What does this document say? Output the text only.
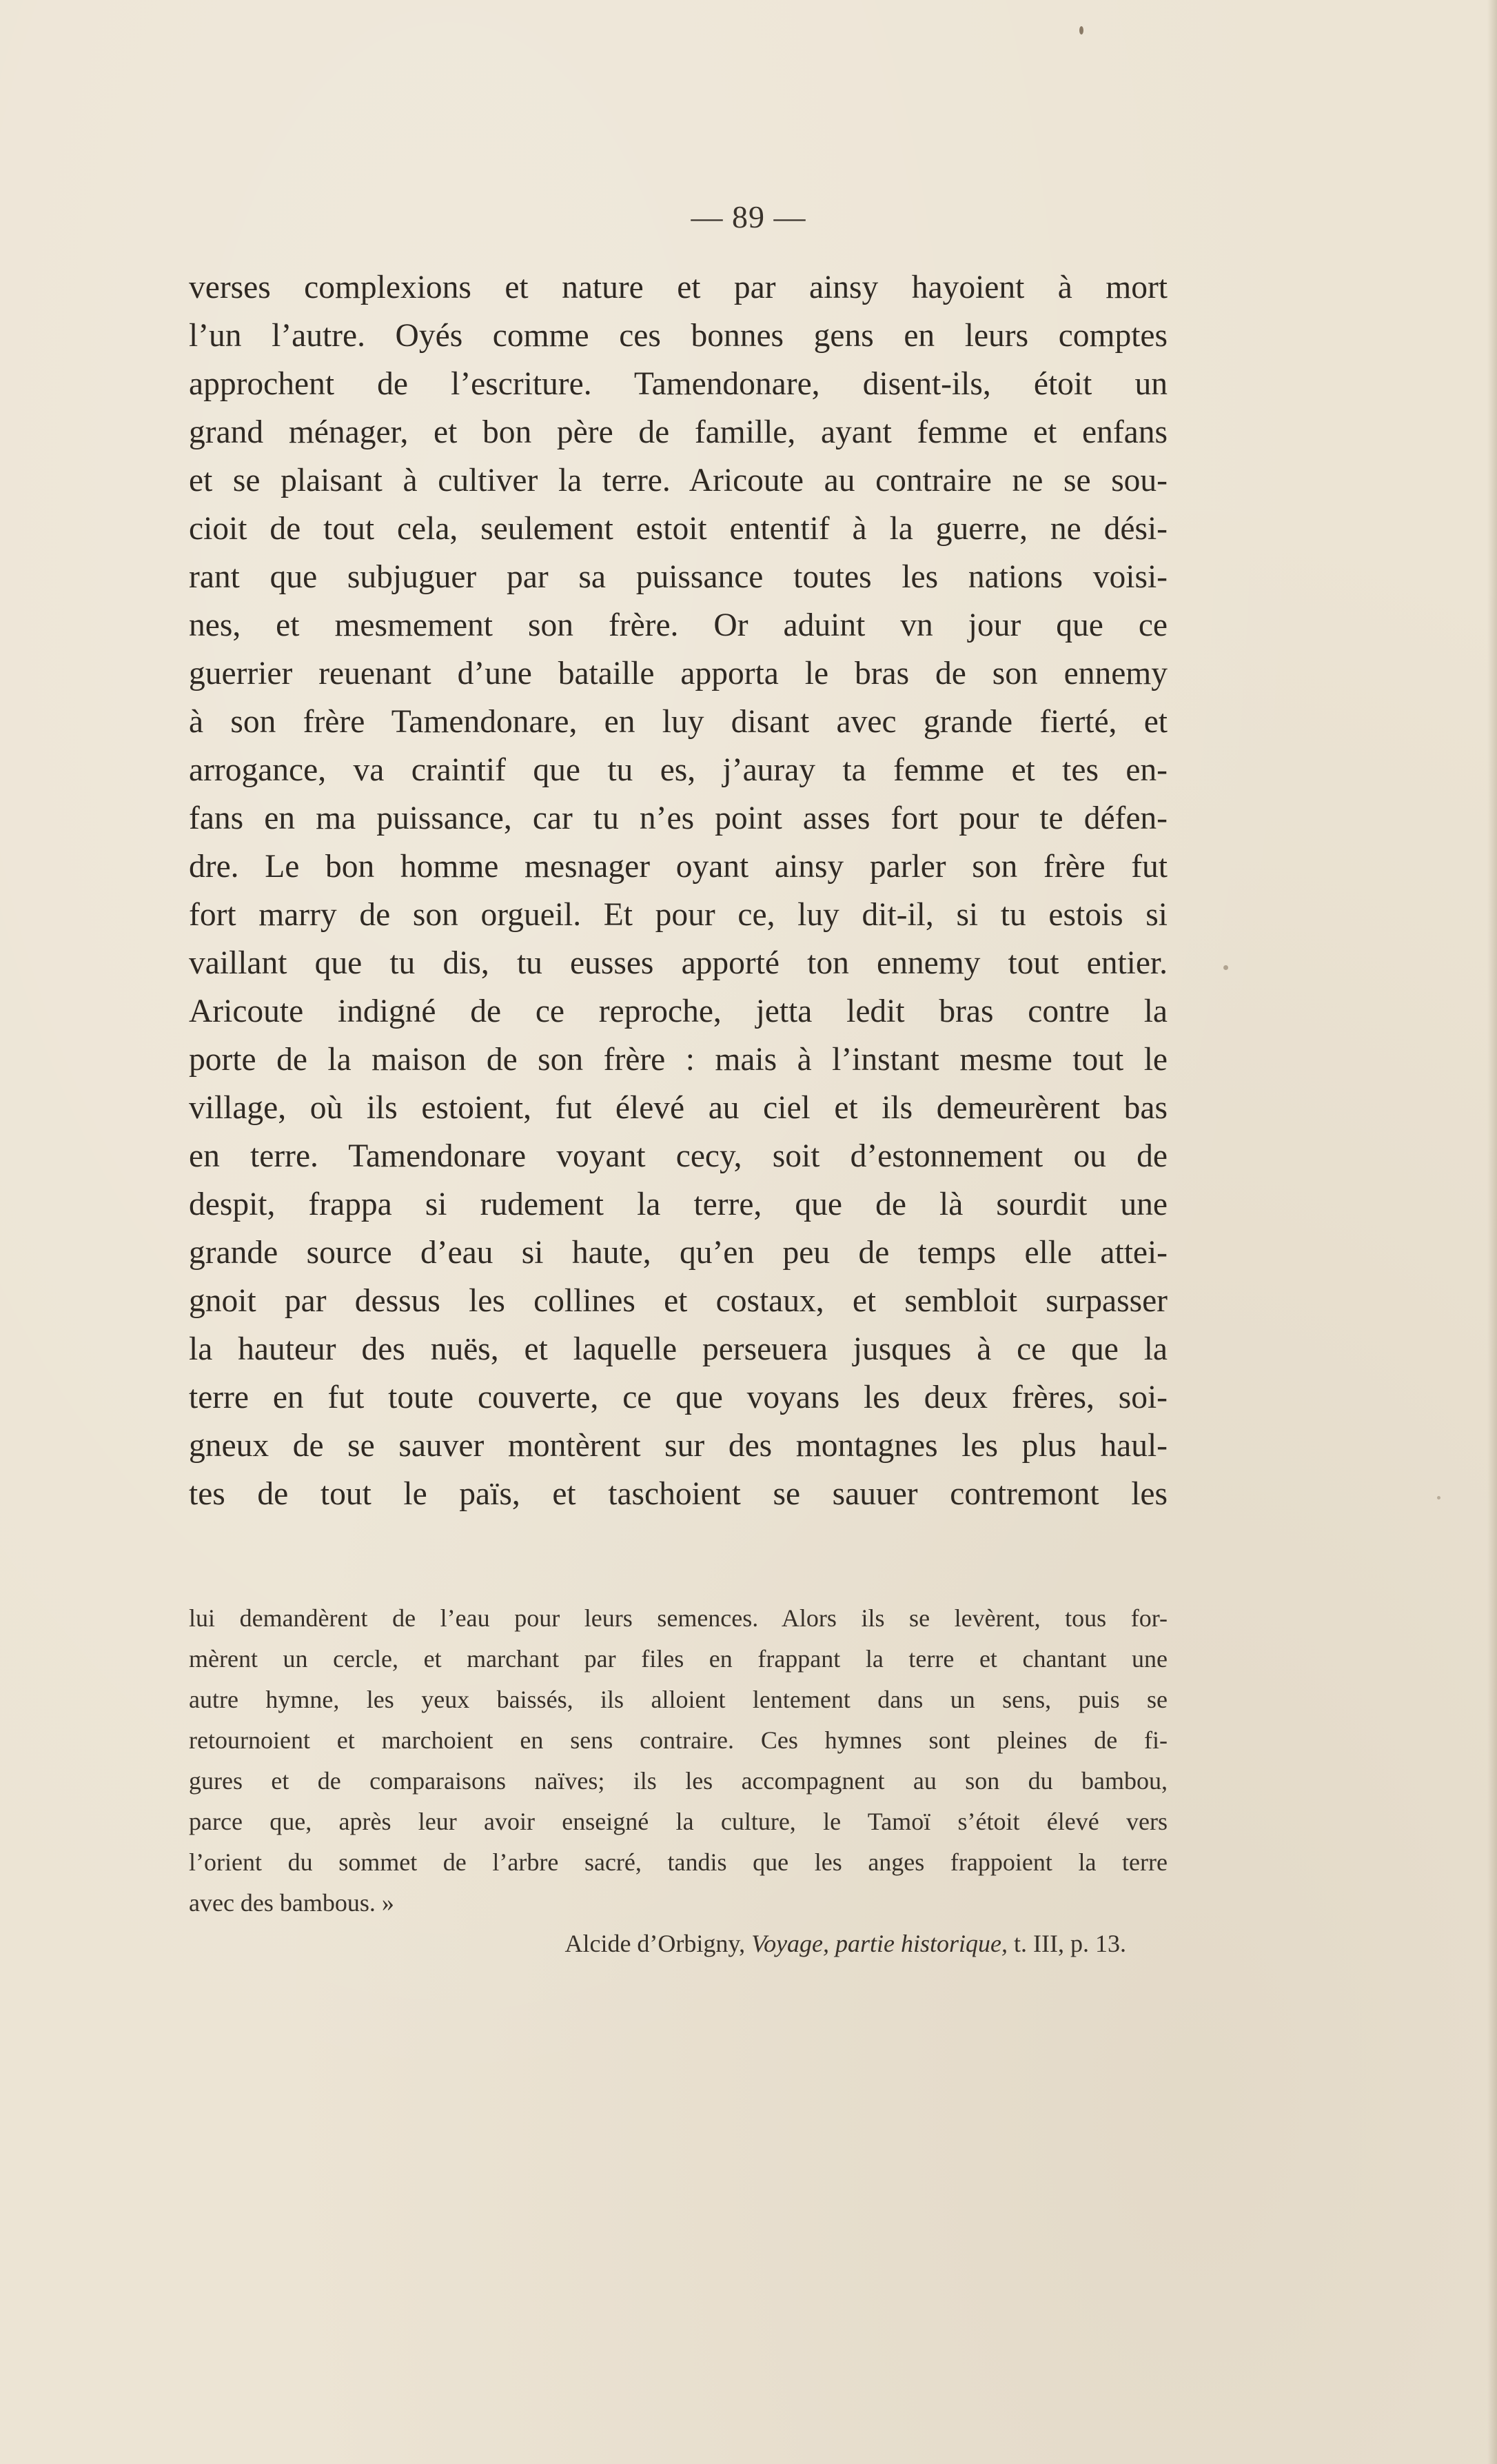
— 89 —
verses complexions et nature et par ainsy hayoient à mort
l’un l’autre. Oyés comme ces bonnes gens en leurs comptes
approchent de l’escriture. Tamendonare, disent-ils, étoit un
grand ménager, et bon père de famille, ayant femme et enfans
et se plaisant à cultiver la terre. Aricoute au contraire ne se sou-
cioit de tout cela, seulement estoit ententif à la guerre, ne dési-
rant que subjuguer par sa puissance toutes les nations voisi-
nes, et mesmement son frère. Or aduint vn jour que ce
guerrier reuenant d’une bataille apporta le bras de son ennemy
à son frère Tamendonare, en luy disant avec grande fierté, et
arrogance, va craintif que tu es, j’auray ta femme et tes en-
fans en ma puissance, car tu n’es point asses fort pour te défen-
dre. Le bon homme mesnager oyant ainsy parler son frère fut
fort marry de son orgueil. Et pour ce, luy dit-il, si tu estois si
vaillant que tu dis, tu eusses apporté ton ennemy tout entier.
Aricoute indigné de ce reproche, jetta ledit bras contre la
porte de la maison de son frère : mais à l’instant mesme tout le
village, où ils estoient, fut élevé au ciel et ils demeurèrent bas
en terre. Tamendonare voyant cecy, soit d’estonnement ou de
despit, frappa si rudement la terre, que de là sourdit une
grande source d’eau si haute, qu’en peu de temps elle attei-
gnoit par dessus les collines et costaux, et sembloit surpasser
la hauteur des nuës, et laquelle perseuera jusques à ce que la
terre en fut toute couverte, ce que voyans les deux frères, soi-
gneux de se sauver montèrent sur des montagnes les plus haul-
tes de tout le païs, et taschoient se sauuer contremont les
lui demandèrent de l’eau pour leurs semences. Alors ils se levèrent, tous for-
mèrent un cercle, et marchant par files en frappant la terre et chantant une
autre hymne, les yeux baissés, ils alloient lentement dans un sens, puis se
retournoient et marchoient en sens contraire. Ces hymnes sont pleines de fi-
gures et de comparaisons naïves; ils les accompagnent au son du bambou,
parce que, après leur avoir enseigné la culture, le Tamoï s’étoit élevé vers
l’orient du sommet de l’arbre sacré, tandis que les anges frappoient la terre
avec des bambous. »
Alcide d’Orbigny, Voyage, partie historique, t. III, p. 13.
